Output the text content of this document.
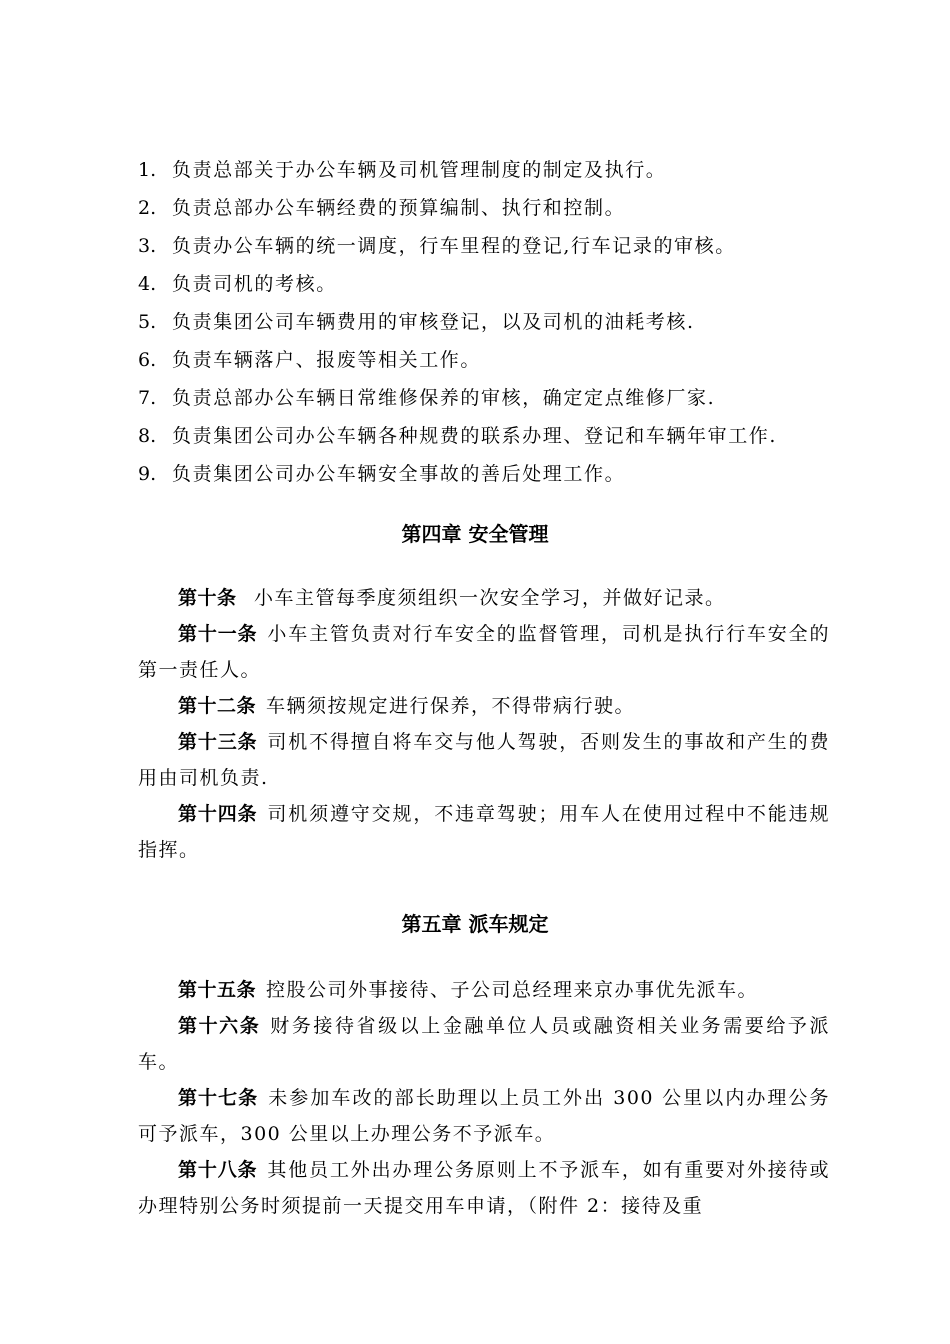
1. 负责总部关于办公车辆及司机管理制度的制定及执行。
2. 负责总部办公车辆经费的预算编制、执行和控制。
3. 负责办公车辆的统一调度，行车里程的登记,行车记录的审核。
4. 负责司机的考核。
5. 负责集团公司车辆费用的审核登记，以及司机的油耗考核.
6. 负责车辆落户、报废等相关工作。
7. 负责总部办公车辆日常维修保养的审核，确定定点维修厂家.
8. 负责集团公司办公车辆各种规费的联系办理、登记和车辆年审工作.
9. 负责集团公司办公车辆安全事故的善后处理工作。
第四章 安全管理

第十条 小车主管每季度须组织一次安全学习，并做好记录。

第十一条 小车主管负责对行车安全的监督管理，司机是执行行车安全的第一责任人。

第十二条 车辆须按规定进行保养，不得带病行驶。

第十三条 司机不得擅自将车交与他人驾驶，否则发生的事故和产生的费用由司机负责.

第十四条 司机须遵守交规，不违章驾驶；用车人在使用过程中不能违规指挥。

第五章 派车规定

第十五条 控股公司外事接待、子公司总经理来京办事优先派车。

第十六条 财务接待省级以上金融单位人员或融资相关业务需要给予派车。

第十七条 未参加车改的部长助理以上员工外出 300 公里以内办理公务可予派车，300 公里以上办理公务不予派车。

第十八条 其他员工外出办理公务原则上不予派车，如有重要对外接待或办理特别公务时须提前一天提交用车申请，（附件 2：接待及重
